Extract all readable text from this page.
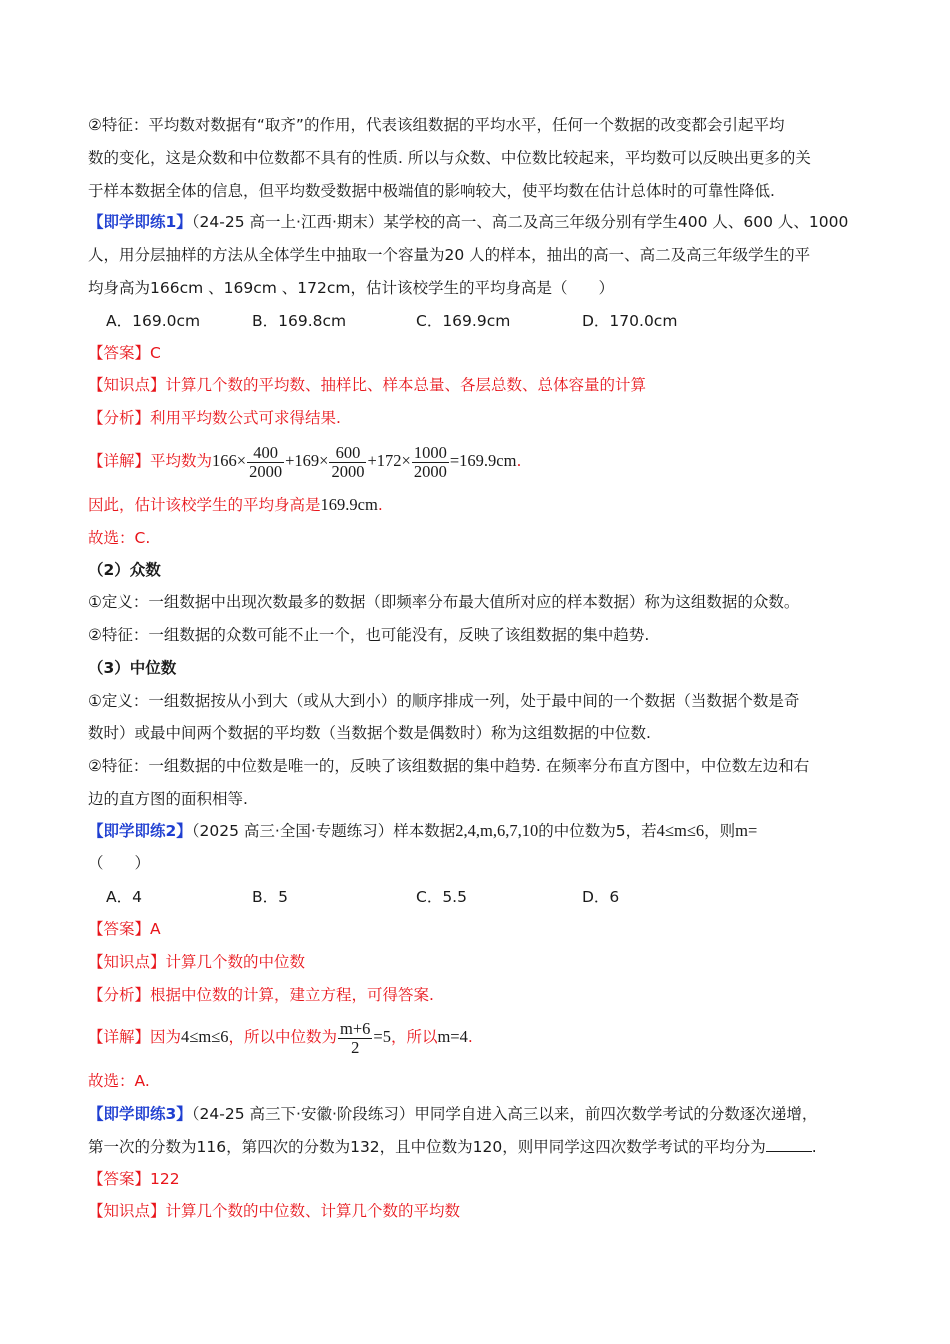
②特征：平均数对数据有“取齐”的作用，代表该组数据的平均水平，任何一个数据的改变都会引起平均
数的变化，这是众数和中位数都不具有的性质. 所以与众数、中位数比较起来，平均数可以反映出更多的关
于样本数据全体的信息，但平均数受数据中极端值的影响较大，使平均数在估计总体时的可靠性降低.
【即学即练1】（24-25 高一上·江西·期末）某学校的高一、高二及高三年级分别有学生400 人、600 人、1000
人，用分层抽样的方法从全体学生中抽取一个容量为20 人的样本，抽出的高一、高二及高三年级学生的平
均身高为166cm 、169cm 、172cm，估计该校学生的平均身高是（　　）
A．169.0cm	B．169.8cm	C．169.9cm	D．170.0cm
【答案】C
【知识点】计算几个数的平均数、抽样比、样本总量、各层总数、总体容量的计算
【分析】利用平均数公式可求得结果.
【详解】平均数为$166\times \frac{400}{2000} +169\times \frac{600}{2000} +172\times \frac{1000}{2000} =169.9cm$.
因此，估计该校学生的平均身高是169.9cm.
故选：C.
（2）众数
①定义：一组数据中出现次数最多的数据（即频率分布最大值所对应的样本数据）称为这组数据的众数。
②特征：一组数据的众数可能不止一个，也可能没有，反映了该组数据的集中趋势.
（3）中位数
①定义：一组数据按从小到大（或从大到小）的顺序排成一列，处于最中间的一个数据（当数据个数是奇
数时）或最中间两个数据的平均数（当数据个数是偶数时）称为这组数据的中位数.
②特征：一组数据的中位数是唯一的，反映了该组数据的集中趋势. 在频率分布直方图中，中位数左边和右
边的直方图的面积相等.
【即学即练2】（2025 高三·全国·专题练习）样本数据2,4,m,6,7,10的中位数为5，若4≤m≤6，则m=
（　　）
A．4	B．5	C．5.5	D．6
【答案】A
【知识点】计算几个数的中位数
【分析】根据中位数的计算，建立方程，可得答案.
【详解】因为4≤m≤6，所以中位数为 $\frac{m+6}{2} =5$，所以m=4.
故选：A.
【即学即练3】（24-25 高三下·安徽·阶段练习）甲同学自进入高三以来，前四次数学考试的分数逐次递增，
第一次的分数为116，第四次的分数为132，且中位数为120，则甲同学这四次数学考试的平均分为	.
【答案】122
【知识点】计算几个数的中位数、计算几个数的平均数
